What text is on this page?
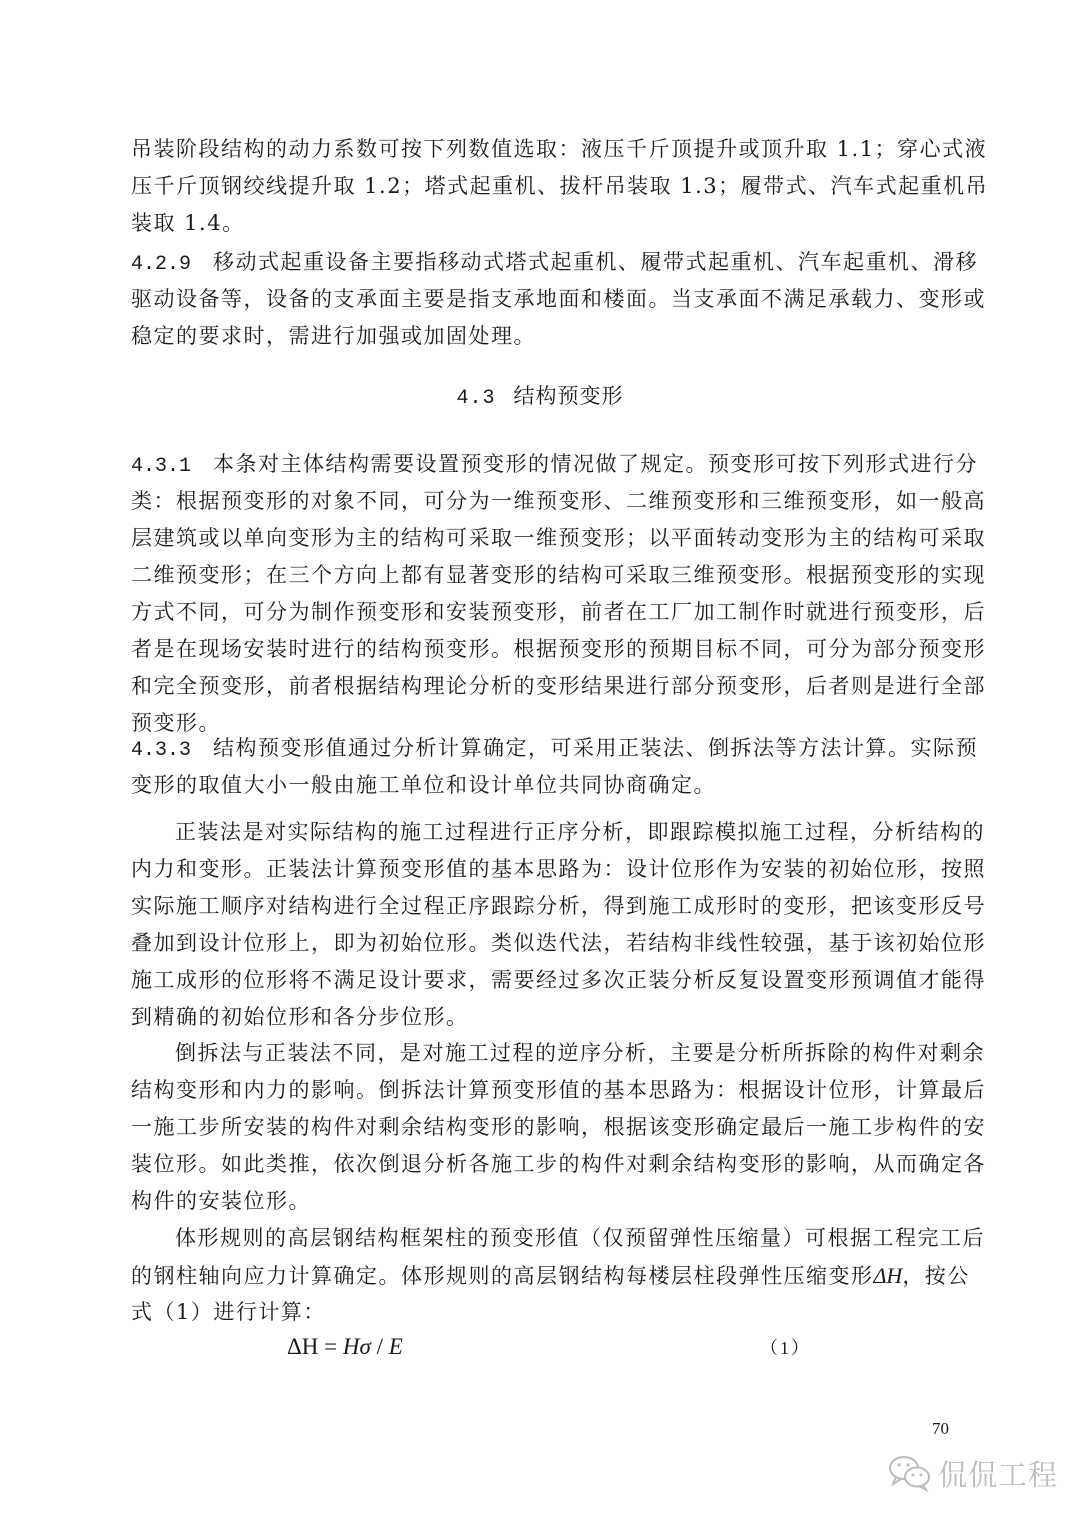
吊装阶段结构的动力系数可按下列数值选取：液压千斤顶提升或顶升取 1.1；穿心式液
压千斤顶钢绞线提升取 1.2；塔式起重机、拔杆吊装取 1.3；履带式、汽车式起重机吊
装取 1.4。
4.2.9 移动式起重设备主要指移动式塔式起重机、履带式起重机、汽车起重机、滑移
驱动设备等，设备的支承面主要是指支承地面和楼面。当支承面不满足承载力、变形或
稳定的要求时，需进行加强或加固处理。
4.3 结构预变形
4.3.1 本条对主体结构需要设置预变形的情况做了规定。预变形可按下列形式进行分
类：根据预变形的对象不同，可分为一维预变形、二维预变形和三维预变形，如一般高
层建筑或以单向变形为主的结构可采取一维预变形；以平面转动变形为主的结构可采取
二维预变形；在三个方向上都有显著变形的结构可采取三维预变形。根据预变形的实现
方式不同，可分为制作预变形和安装预变形，前者在工厂加工制作时就进行预变形，后
者是在现场安装时进行的结构预变形。根据预变形的预期目标不同，可分为部分预变形
和完全预变形，前者根据结构理论分析的变形结果进行部分预变形，后者则是进行全部
预变形。
4.3.3 结构预变形值通过分析计算确定，可采用正装法、倒拆法等方法计算。实际预
变形的取值大小一般由施工单位和设计单位共同协商确定。
正装法是对实际结构的施工过程进行正序分析，即跟踪模拟施工过程，分析结构的
内力和变形。正装法计算预变形值的基本思路为：设计位形作为安装的初始位形，按照
实际施工顺序对结构进行全过程正序跟踪分析，得到施工成形时的变形，把该变形反号
叠加到设计位形上，即为初始位形。类似迭代法，若结构非线性较强，基于该初始位形
施工成形的位形将不满足设计要求，需要经过多次正装分析反复设置变形预调值才能得
到精确的初始位形和各分步位形。
倒拆法与正装法不同，是对施工过程的逆序分析，主要是分析所拆除的构件对剩余
结构变形和内力的影响。倒拆法计算预变形值的基本思路为：根据设计位形，计算最后
一施工步所安装的构件对剩余结构变形的影响，根据该变形确定最后一施工步构件的安
装位形。如此类推，依次倒退分析各施工步的构件对剩余结构变形的影响，从而确定各
构件的安装位形。
体形规则的高层钢结构框架柱的预变形值（仅预留弹性压缩量）可根据工程完工后
的钢柱轴向应力计算确定。体形规则的高层钢结构每楼层柱段弹性压缩变形ΔH，按公
式（1）进行计算：
ΔH = Hσ / E	（1）
70
侃侃工程
